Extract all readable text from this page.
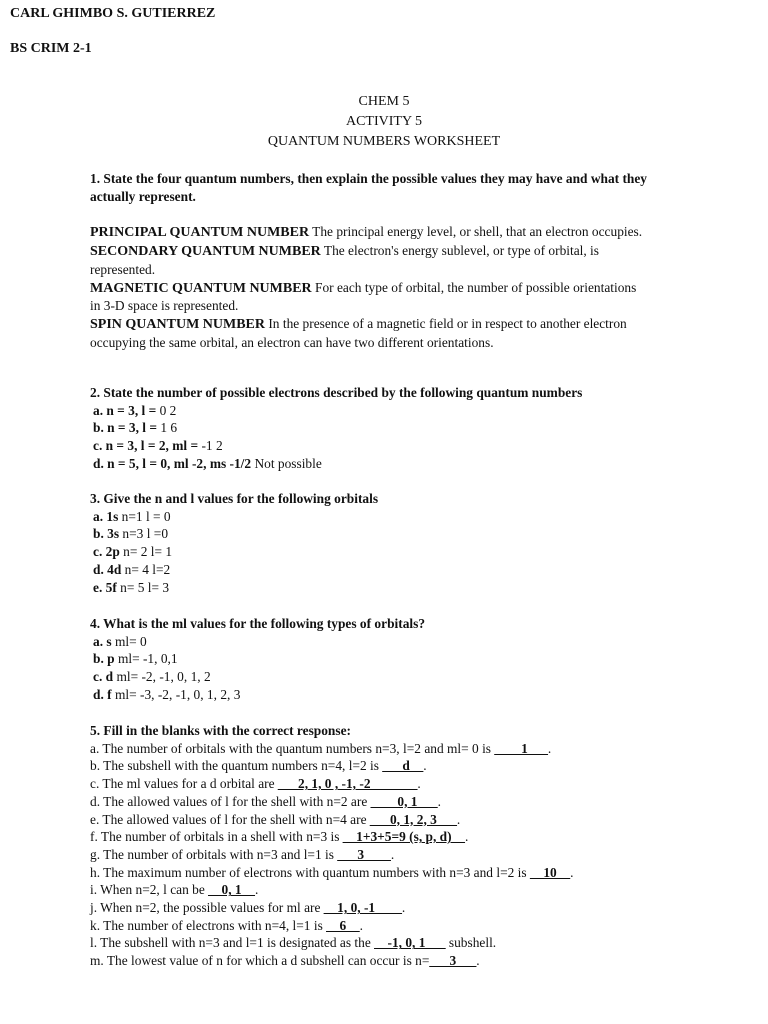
CARL GHIMBO S. GUTIERREZ
BS CRIM 2-1
CHEM 5
ACTIVITY 5
QUANTUM NUMBERS WORKSHEET
1. State the four quantum numbers, then explain the possible values they may have and what they actually represent.
PRINCIPAL QUANTUM NUMBER The principal energy level, or shell, that an electron occupies.
SECONDARY QUANTUM NUMBER The electron's energy sublevel, or type of orbital, is represented.
MAGNETIC QUANTUM NUMBER For each type of orbital, the number of possible orientations in 3-D space is represented.
SPIN QUANTUM NUMBER In the presence of a magnetic field or in respect to another electron occupying the same orbital, an electron can have two different orientations.
2. State the number of possible electrons described by the following quantum numbers
a. n = 3, l = 0 2
b. n = 3, l = 1 6
c. n = 3, l = 2, ml = -1 2
d. n = 5, l = 0, ml -2, ms -1/2 Not possible
3. Give the n and l values for the following orbitals
a. 1s n=1 l = 0
b. 3s n=3 l =0
c. 2p n= 2 l= 1
d. 4d n= 4 l=2
e. 5f n= 5 l= 3
4. What is the ml values for the following types of orbitals?
a. s ml= 0
b. p ml= -1, 0,1
c. d ml= -2, -1, 0, 1, 2
d. f ml= -3, -2, -1, 0, 1, 2, 3
5. Fill in the blanks with the correct response:
a. The number of orbitals with the quantum numbers n=3, l=2 and ml= 0 is ____1___.
b. The subshell with the quantum numbers n=4, l=2 is ___d__.
c. The ml values for a d orbital are ___2, 1, 0 , -1, -2_______.
d. The allowed values of l for the shell with n=2 are ____0, 1___.
e. The allowed values of l for the shell with n=4 are ___0, 1, 2, 3___.
f. The number of orbitals in a shell with n=3 is __1+3+5=9 (s, p, d)__.
g. The number of orbitals with n=3 and l=1 is ___3____.
h. The maximum number of electrons with quantum numbers with n=3 and l=2 is __10__.
i. When n=2, l can be __0, 1__.
j. When n=2, the possible values for ml are __1, 0, -1____.
k. The number of electrons with n=4, l=1 is __6__.
l. The subshell with n=3 and l=1 is designated as the __-1, 0, 1___ subshell.
m. The lowest value of n for which a d subshell can occur is n=___3___.
